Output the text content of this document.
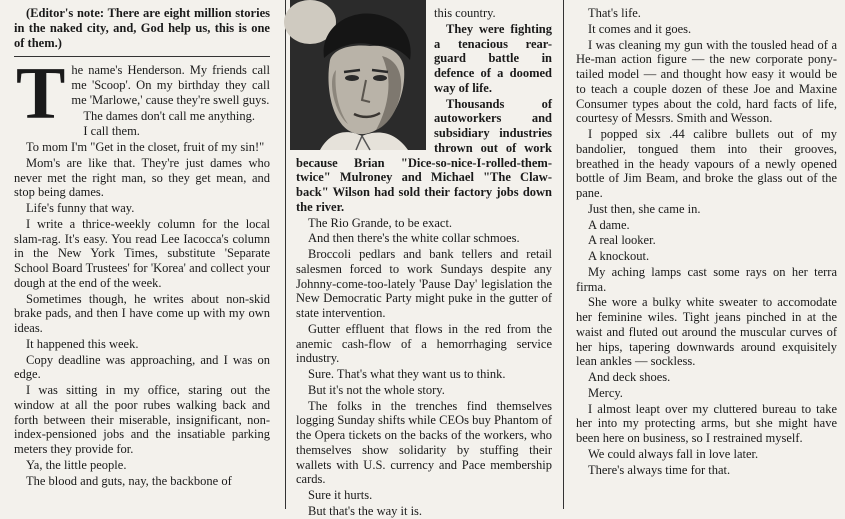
(Editor's note: There are eight million stories in the naked city, and, God help us, this is one of them.)

The name's Henderson. My friends call me 'Scoop'. On my birthday they call me 'Marlowe,' cause they're swell guys.

The dames don't call me anything.

I call them.

To mom I'm "Get in the closet, fruit of my sin!"

Mom's are like that. They're just dames who never met the right man, so they get mean, and stop being dames.

Life's funny that way.

I write a thrice-weekly column for the local slam-rag. It's easy. You read Lee Iacocca's column in the New York Times, substitute 'Separate School Board Trustees' for 'Korea' and collect your dough at the end of the week.

Sometimes though, he writes about non-skid brake pads, and then I have come up with my own ideas.

It happened this week.

Copy deadline was approaching, and I was on edge.

I was sitting in my office, staring out the window at all the poor rubes walking back and forth between their miserable, insignificant, non-index-pensioned jobs and the insatiable parking meters they provide for.

Ya, the little people.

The blood and guts, nay, the backbone of

this country.

They were fighting a tenacious rear-guard battle in defence of a doomed way of life.

Thousands of autoworkers and subsidiary industries thrown out of work because Brian "Dice-so-nice-I-rolled-them-twice" Mulroney and Michael "The Claw-back" Wilson had sold their factory jobs down the river.

The Rio Grande, to be exact.

And then there's the white collar schmoes.

Broccoli pedlars and bank tellers and retail salesmen forced to work Sundays despite any Johnny-come-too-lately 'Pause Day' legislation the New Democratic Party might puke in the gutter of state intervention.

Gutter effluent that flows in the red from the anemic cash-flow of a hemorrhaging service industry.

Sure. That's what they want us to think.

But it's not the whole story.

The folks in the trenches find themselves logging Sunday shifts while CEOs buy Phantom of the Opera tickets on the backs of the workers, who themselves show solidarity by stuffing their wallets with U.S. currency and Pace membership cards.

Sure it hurts.

But that's the way it is.

That's life.

It comes and it goes.

I was cleaning my gun with the tousled head of a He-man action figure — the new corporate pony-tailed model — and thought how easy it would be to teach a couple dozen of these Joe and Maxine Consumer types about the cold, hard facts of life, courtesy of Messrs. Smith and Wesson.

I popped six .44 calibre bullets out of my bandolier, tongued them into their grooves, breathed in the heady vapours of a newly opened bottle of Jim Beam, and broke the glass out of the pane.

Just then, she came in.

A dame.

A real looker.

A knockout.

My aching lamps cast some rays on her terra firma.

She wore a bulky white sweater to accomodate her feminine wiles. Tight jeans pinched in at the waist and fluted out around the muscular curves of her hips, tapering downwards around exquisitely lean ankles — sockless.

And deck shoes.

Mercy.

I almost leapt over my cluttered bureau to take her into my protecting arms, but she might have been here on business, so I restrained myself.

We could always fall in love later.

There's always time for that.
